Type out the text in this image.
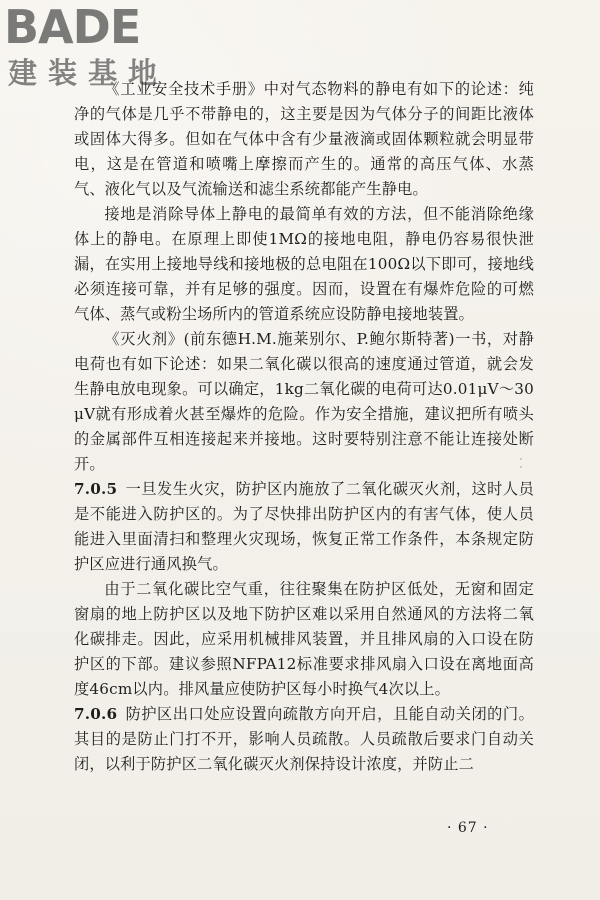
BADE
建装基地

《工业安全技术手册》中对气态物料的静电有如下的论述：纯净的气体是几乎不带静电的，这主要是因为气体分子的间距比液体或固体大得多。但如在气体中含有少量液滴或固体颗粒就会明显带电，这是在管道和喷嘴上摩擦而产生的。通常的高压气体、水蒸气、液化气以及气流输送和滤尘系统都能产生静电。

接地是消除导体上静电的最简单有效的方法，但不能消除绝缘体上的静电。在原理上即使1MΩ的接地电阻，静电仍容易很快泄漏，在实用上接地导线和接地极的总电阻在100Ω以下即可，接地线必须连接可靠，并有足够的强度。因而，设置在有爆炸危险的可燃气体、蒸气或粉尘场所内的管道系统应设防静电接地装置。

《灭火剂》(前东德H.M.施莱别尔、P.鲍尔斯特著)一书，对静电荷也有如下论述：如果二氧化碳以很高的速度通过管道，就会发生静电放电现象。可以确定，1kg二氧化碳的电荷可达0.01μV～30μV就有形成着火甚至爆炸的危险。作为安全措施，建议把所有喷头的金属部件互相连接起来并接地。这时要特别注意不能让连接处断开。

7.0.5 一旦发生火灾，防护区内施放了二氧化碳灭火剂，这时人员是不能进入防护区的。为了尽快排出防护区内的有害气体，使人员能进入里面清扫和整理火灾现场，恢复正常工作条件，本条规定防护区应进行通风换气。

由于二氧化碳比空气重，往往聚集在防护区低处，无窗和固定窗扇的地上防护区以及地下防护区难以采用自然通风的方法将二氧化碳排走。因此，应采用机械排风装置，并且排风扇的入口设在防护区的下部。建议参照NFPA12标准要求排风扇入口设在离地面高度46cm以内。排风量应使防护区每小时换气4次以上。

7.0.6 防护区出口处应设置向疏散方向开启，且能自动关闭的门。其目的是防止门打不开，影响人员疏散。人员疏散后要求门自动关闭，以利于防护区二氧化碳灭火剂保持设计浓度，并防止二

· 67 ·
